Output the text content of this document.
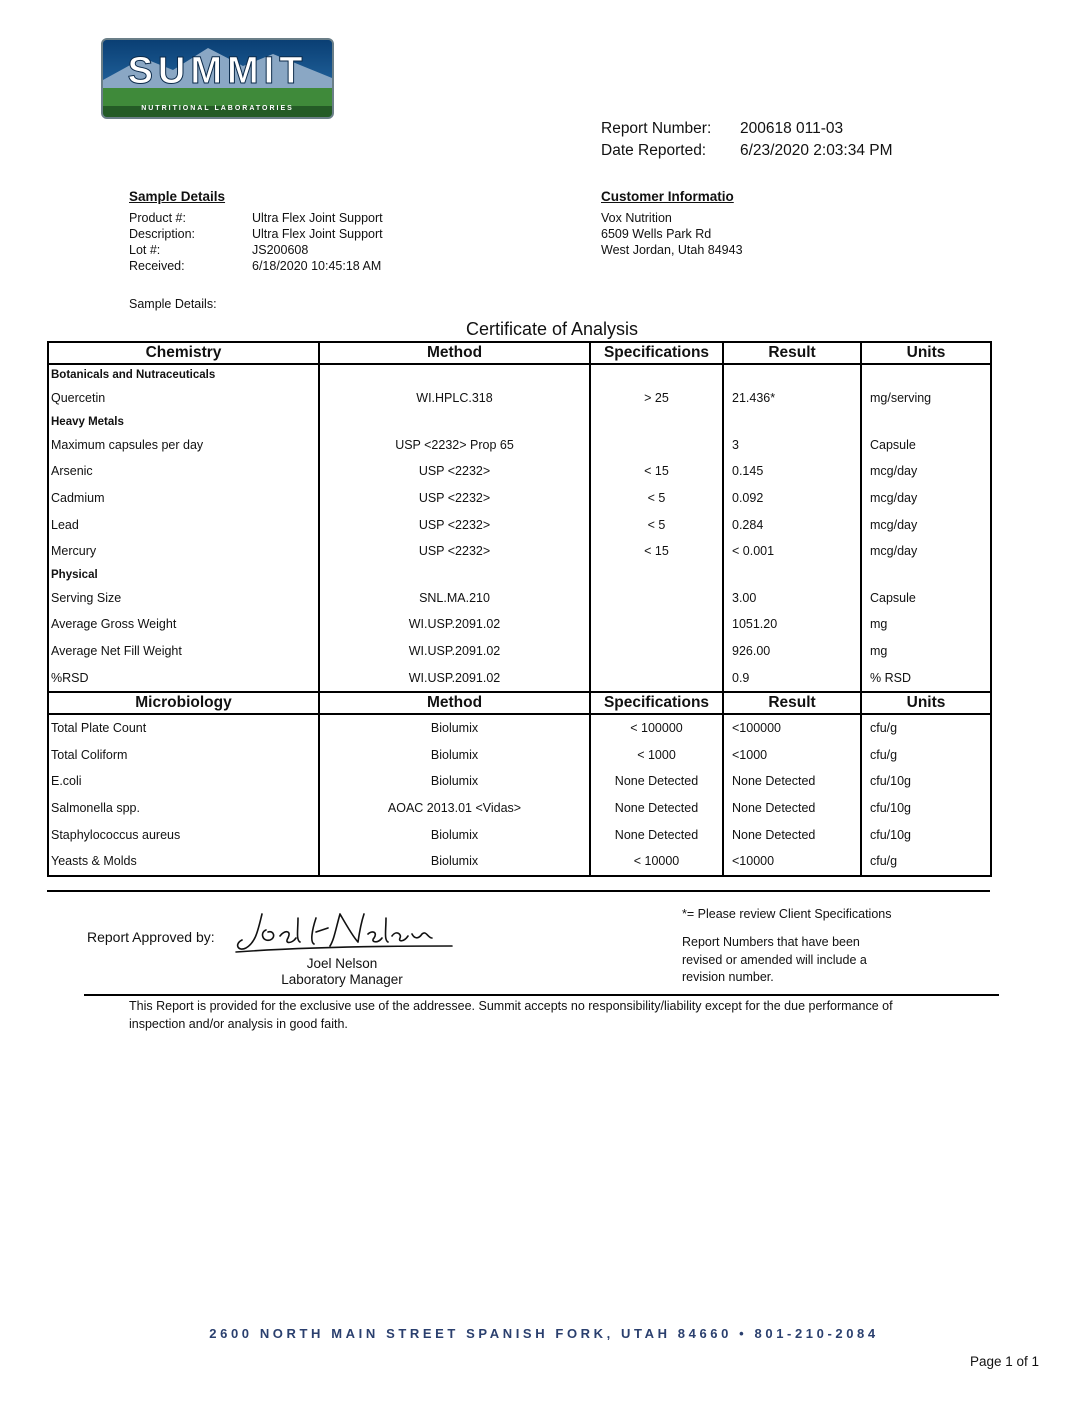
SUMMIT
NUTRITIONAL LABORATORIES
Report Number: 200618 011-03
Date Reported: 6/23/2020 2:03:34 PM
Sample Details
Product #:	Ultra Flex Joint Support
Description:	Ultra Flex Joint Support
Lot #:	JS200608
Received:	6/18/2020 10:45:18 AM
Sample Details:
Customer Informatio
Vox Nutrition
6509 Wells Park Rd
West Jordan, Utah 84943
Certificate of Analysis
Chemistry	Method	Specifications	Result	Units
Botanicals and Nutraceuticals				
Quercetin	WI.HPLC.318	> 25	21.436*	mg/serving
Heavy Metals				
Maximum capsules per day	USP <2232> Prop 65		3	Capsule
Arsenic	USP <2232>	< 15	0.145	mcg/day
Cadmium	USP <2232>	< 5	0.092	mcg/day
Lead	USP <2232>	< 5	0.284	mcg/day
Mercury	USP <2232>	< 15	< 0.001	mcg/day
Physical				
Serving Size	SNL.MA.210		3.00	Capsule
Average Gross Weight	WI.USP.2091.02		1051.20	mg
Average Net Fill Weight	WI.USP.2091.02		926.00	mg
%RSD	WI.USP.2091.02		0.9	% RSD
Microbiology	Method	Specifications	Result	Units
Total Plate Count	Biolumix	< 100000	<100000	cfu/g
Total Coliform	Biolumix	< 1000	<1000	cfu/g
E.coli	Biolumix	None Detected	None Detected	cfu/10g
Salmonella spp.	AOAC 2013.01 <Vidas>	None Detected	None Detected	cfu/10g
Staphylococcus aureus	Biolumix	None Detected	None Detected	cfu/10g
Yeasts & Molds	Biolumix	< 10000	<10000	cfu/g
Report Approved by:
Joel Nelson
Laboratory Manager
*= Please review Client Specifications
Report Numbers that have been
revised or amended will include a
revision number.
This Report is provided for the exclusive use of the addressee. Summit accepts no responsibility/liability except for the due performance of
inspection and/or analysis in good faith.
2600 NORTH MAIN STREET SPANISH FORK, UTAH 84660 • 801-210-2084
Page 1 of 1
